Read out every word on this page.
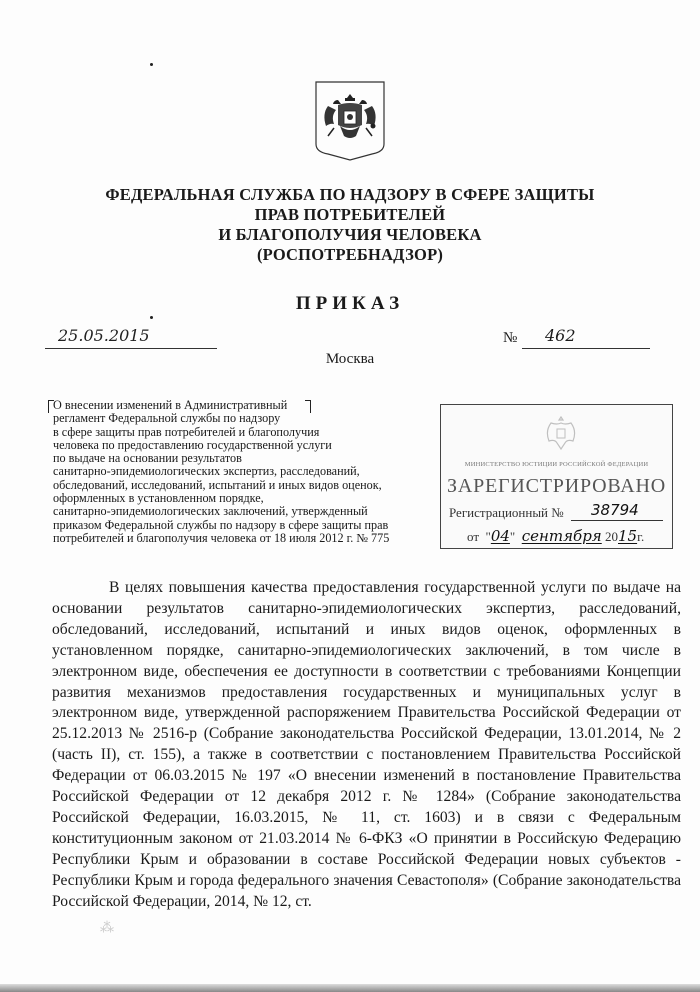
ФЕДЕРАЛЬНАЯ СЛУЖБА ПО НАДЗОРУ В СФЕРЕ ЗАЩИТЫ
ПРАВ ПОТРЕБИТЕЛЕЙ
И БЛАГОПОЛУЧИЯ ЧЕЛОВЕКА
(РОСПОТРЕБНАДЗОР)
ПРИКАЗ
25.05.2015	№ 462
Москва
О внесении изменений в Административный
регламент Федеральной службы по надзору
в сфере защиты прав потребителей и благополучия
человека по предоставлению государственной услуги
по выдаче на основании результатов
санитарно-эпидемиологических экспертиз, расследований,
обследований, исследований, испытаний и иных видов оценок,
оформленных в установленном порядке,
санитарно-эпидемиологических заключений, утвержденный
приказом Федеральной службы по надзору в сфере защиты прав
потребителей и благополучия человека от 18 июля 2012 г. № 775
МИНИСТЕРСТВО ЮСТИЦИИ РОССИЙСКОЙ ФЕДЕРАЦИИ
ЗАРЕГИСТРИРОВАНО
Регистрационный № 38794
от  "04"  сентября 2015г.

В целях повышения качества предоставления государственной услуги по выдаче на основании результатов санитарно-эпидемиологических экспертиз, расследований, обследований, исследований, испытаний и иных видов оценок, оформленных в установленном порядке, санитарно-эпидемиологических заключений, в том числе в электронном виде, обеспечения ее доступности в соответствии с требованиями Концепции развития механизмов предоставления государственных и муниципальных услуг в электронном виде, утвержденной распоряжением Правительства Российской Федерации от 25.12.2013 № 2516-р (Собрание законодательства Российской Федерации, 13.01.2014, № 2 (часть II), ст. 155), а также в соответствии с постановлением Правительства Российской Федерации от 06.03.2015 № 197 «О внесении изменений в постановление Правительства Российской Федерации от 12 декабря 2012 г. № 1284» (Собрание законодательства Российской Федерации, 16.03.2015, № 11, ст. 1603) и в связи с Федеральным конституционным законом от 21.03.2014 № 6-ФКЗ «О принятии в Российскую Федерацию Республики Крым и образовании в составе Российской Федерации новых субъектов - Республики Крым и города федерального значения Севастополя» (Собрание законодательства Российской Федерации, 2014, № 12, ст.

⁂
